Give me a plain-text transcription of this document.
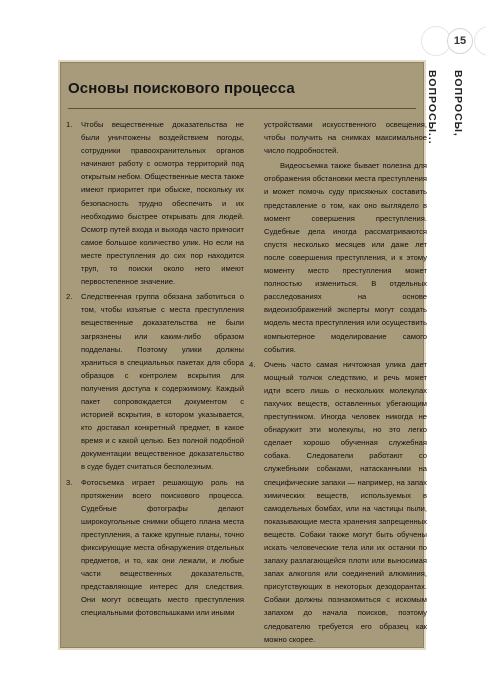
15
ВОПРОСЫ, ВОПРОСЫ...
Основы поискового процесса
1.	Чтобы вещественные доказательства не были уничтожены воздействием погоды, сотрудники правоохранительных органов начинают работу с осмотра территорий под открытым небом. Общественные места также имеют приоритет при обыске, поскольку их безопасность трудно обеспечить и их необходимо быстрее открывать для людей. Осмотр путей входа и выхода часто приносит самое большое количество улик. Но если на месте преступления до сих пор находится труп, то поиски около него имеют первостепенное значение.
2.	Следственная группа обязана заботиться о том, чтобы изъятые с места преступления вещественные доказательства не были загрязнены или каким-либо образом подделаны. Поэтому улики должны храниться в специальных пакетах для сбора образцов с контролем вскрытия для получения доступа к содержимому. Каждый пакет сопровождается документом с историей вскрытия, в котором указывается, кто доставал конкретный предмет, в какое время и с какой целью. Без полной подобной документации вещественное доказательство в суде будет считаться бесполезным.
3.	Фотосъемка играет решающую роль на протяжении всего поискового процесса. Судебные фотографы делают широкоугольные снимки общего плана места преступления, а также крупные планы, точно фиксирующие места обнаружения отдельных предметов, и то, как они лежали, и любые части вещественных доказательств, представляющие интерес для следствия. Они могут освещать место преступления специальными фотовспышками или иными
устройствами искусственного освещения, чтобы получить на снимках максимальное число подробностей.
Видеосъемка также бывает полезна для отображения обстановки места преступления и может помочь суду присяжных составить представление о том, как оно выглядело в момент совершения преступления. Судебные дела иногда рассматриваются спустя несколько месяцев или даже лет после совершения преступления, и к этому моменту место преступления может полностью измениться. В отдельных расследованиях на основе видеоизображений эксперты могут создать модель места преступления или осуществить компьютерное моделирование самого события.
4.	Очень часто самая ничтожная улика дает мощный толчок следствию, и речь может идти всего лишь о нескольких молекулах пахучих веществ, оставленных убегающим преступником. Иногда человек никогда не обнаружит эти молекулы, но это легко сделает хорошо обученная служебная собака. Следователи работают со служебными собаками, натасканными на специфические запахи — например, на запах химических веществ, используемых в самодельных бомбах, или на частицы пыли, показывающие места хранения запрещенных веществ. Собаки также могут быть обучены искать человеческие тела или их останки по запаху разлагающейся плоти или выносимая запах алкоголя или соединений алюминия, присутствующих в некоторых дезодорантах. Собаки должны познакомиться с искомым запахом до начала поисков, поэтому следователю требуется его образец как можно скорее.
